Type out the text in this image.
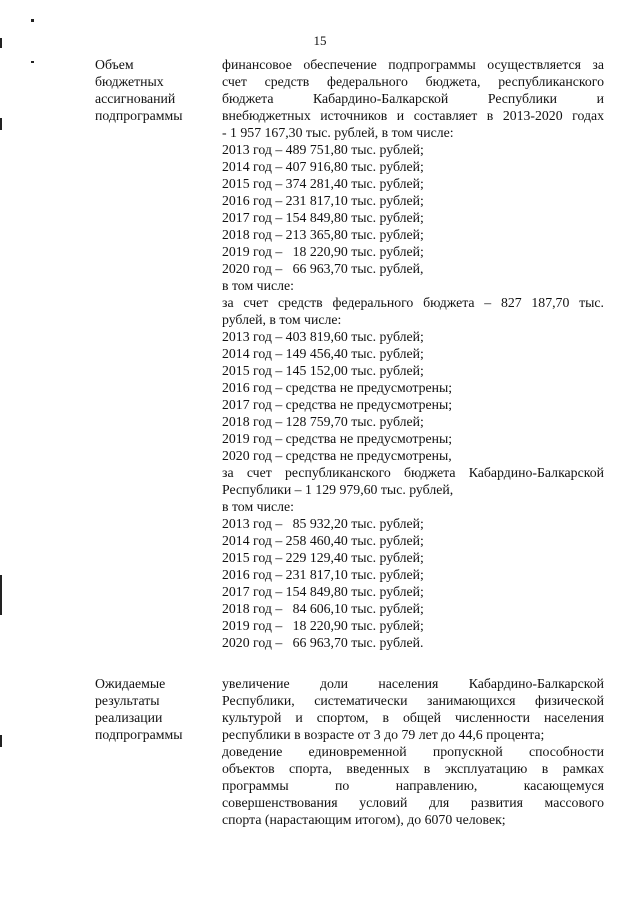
15
Объем
бюджетных
ассигнований
подпрограммы
финансовое обеспечение подпрограммы осуществляется за
счет средств федерального бюджета, республиканского
бюджета Кабардино-Балкарской Республики и
внебюджетных источников и составляет в 2013-2020 годах
- 1 957 167,30 тыс. рублей, в том числе:
2013 год – 489 751,80 тыс. рублей;
2014 год – 407 916,80 тыс. рублей;
2015 год – 374 281,40 тыс. рублей;
2016 год – 231 817,10 тыс. рублей;
2017 год – 154 849,80 тыс. рублей;
2018 год – 213 365,80 тыс. рублей;
2019 год –   18 220,90 тыс. рублей;
2020 год –   66 963,70 тыс. рублей,
в том числе:
за счет средств федерального бюджета – 827 187,70 тыс.
рублей, в том числе:
2013 год – 403 819,60 тыс. рублей;
2014 год – 149 456,40 тыс. рублей;
2015 год – 145 152,00 тыс. рублей;
2016 год – средства не предусмотрены;
2017 год – средства не предусмотрены;
2018 год – 128 759,70 тыс. рублей;
2019 год – средства не предусмотрены;
2020 год – средства не предусмотрены,
за счет республиканского бюджета Кабардино-Балкарской
Республики – 1 129 979,60 тыс. рублей,
в том числе:
2013 год –   85 932,20 тыс. рублей;
2014 год – 258 460,40 тыс. рублей;
2015 год – 229 129,40 тыс. рублей;
2016 год – 231 817,10 тыс. рублей;
2017 год – 154 849,80 тыс. рублей;
2018 год –   84 606,10 тыс. рублей;
2019 год –   18 220,90 тыс. рублей;
2020 год –   66 963,70 тыс. рублей.
Ожидаемые
результаты
реализации
подпрограммы
увеличение доли населения Кабардино-Балкарской
Республики, систематически занимающихся физической
культурой и спортом, в общей численности населения
республики в возрасте от 3 до 79 лет до 44,6 процента;
доведение единовременной пропускной способности
объектов спорта, введенных в эксплуатацию в рамках
программы по направлению, касающемуся
совершенствования условий для развития массового
спорта (нарастающим итогом), до 6070 человек;
